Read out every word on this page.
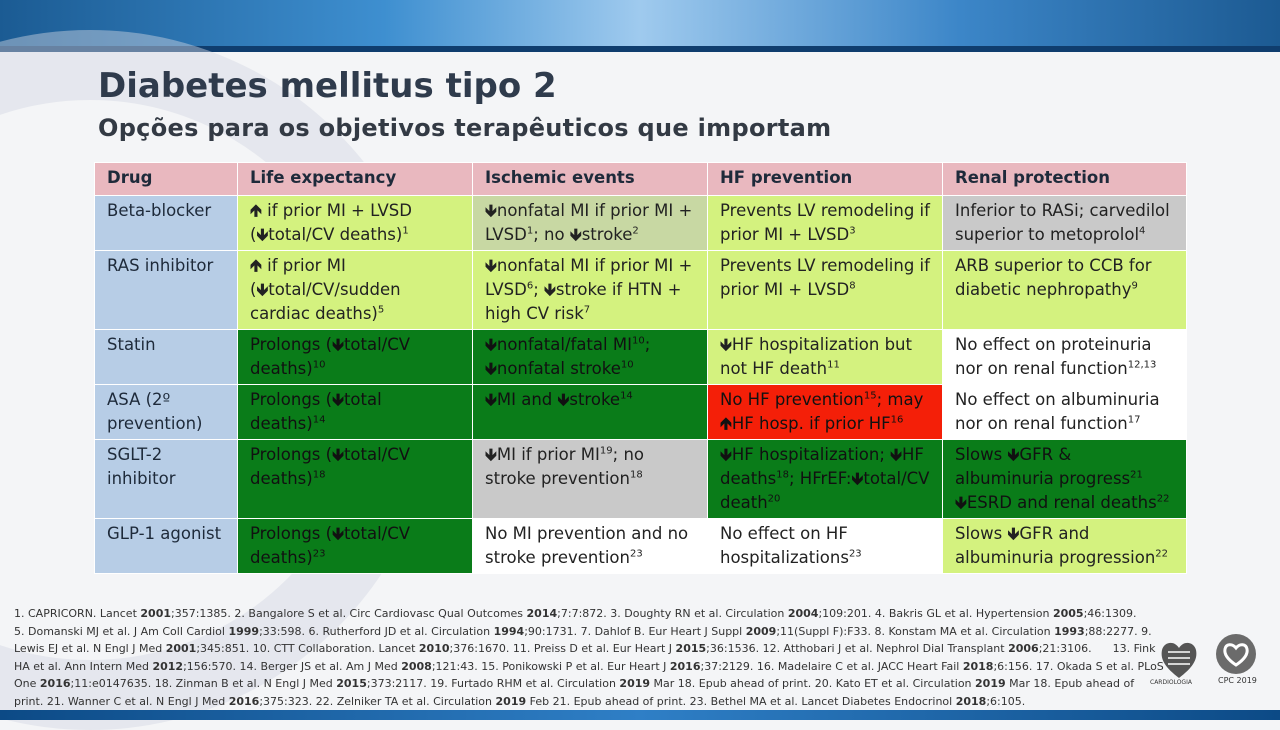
Diabetes mellitus tipo 2
Opções para os objetivos terapêuticos que importam
Drug	Life expectancy	Ischemic events	HF prevention	Renal protection
Beta-blocker	🡹 if prior MI + LVSD (🡻total/CV deaths)$^1$	🡻nonfatal MI if prior MI + $LVSD^1$; no 🡻stroke$^2$	Prevents LV remodeling if prior MI + $LVSD^3$	Inferior to RASi; carvedilol superior to metoprolol$^4$
RAS inhibitor	🡹 if prior MI (🡻total/CV/sudden cardiac deaths)$^5$	🡻nonfatal MI if prior MI + $LVSD^6$; 🡻stroke if HTN + high CV risk$^7$	Prevents LV remodeling if prior MI + $LVSD^8$	ARB superior to CCB for diabetic nephropathy$^9$
Statin	Prolongs (🡻total/CV deaths)$^{10}$	🡻nonfatal/fatal MI$^{10}$; 🡻nonfatal stroke$^{10}$	🡻HF hospitalization but not HF death$^{11}$	No effect on proteinuria nor on renal function$^{12,13}$
ASA (2º prevention)	Prolongs (🡻total deaths)$^{14}$	🡻MI and 🡻stroke$^{14}$	No HF prevention$^{15}$; may 🡹HF hosp. if prior HF$^{16}$	No effect on albuminuria nor on renal function$^{17}$
SGLT-2 inhibitor	Prolongs (🡻total/CV deaths)$^{18}$	🡻MI if prior MI$^{19}$; no stroke prevention$^{18}$	🡻HF hospitalization; 🡻HF deaths$^{18}$; HFrEF:🡻total/CV death$^{20}$	Slows 🡻GFR & albuminuria progress$^{21}$ 🡻ESRD and renal deaths$^{22}$
GLP-1 agonist	Prolongs (🡻total/CV deaths)$^{23}$	No MI prevention and no stroke prevention$^{23}$	No effect on HF hospitalizations$^{23}$	Slows 🡻GFR and albuminuria progression$^{22}$
1. CAPRICORN. Lancet 2001;357:1385. 2. Bangalore S et al. Circ Cardiovasc Qual Outcomes 2014;7:7:872. 3. Doughty RN et al. Circulation 2004;109:201. 4. Bakris GL et al. Hypertension 2005;46:1309.     5. Domanski MJ et al. J Am Coll Cardiol 1999;33:598. 6. Rutherford JD et al. Circulation 1994;90:1731. 7. Dahlof B. Eur Heart J Suppl 2009;11(Suppl F):F33. 8. Konstam MA et al. Circulation 1993;88:2277. 9. Lewis EJ et al. N Engl J Med 2001;345:851. 10. CTT Collaboration. Lancet 2010;376:1670. 11. Preiss D et al. Eur Heart J 2015;36:1536. 12. Atthobari J et al. Nephrol Dial Transplant 2006;21:3106.      13. Fink HA et al. Ann Intern Med 2012;156:570. 14. Berger JS et al. Am J Med 2008;121:43. 15. Ponikowski P et al. Eur Heart J 2016;37:2129. 16. Madelaire C et al. JACC Heart Fail 2018;6:156. 17. Okada S et al. PLoS One 2016;11:e0147635. 18. Zinman B et al. N Engl J Med 2015;373:2117. 19. Furtado RHM et al. Circulation 2019 Mar 18. Epub ahead of print. 20. Kato ET et al. Circulation 2019 Mar 18. Epub ahead of print. 21. Wanner C et al. N Engl J Med 2016;375:323. 22. Zelniker TA et al. Circulation 2019 Feb 21. Epub ahead of print. 23. Bethel MA et al. Lancet Diabetes Endocrinol 2018;6:105.
CARDIOLOGIA	CPC 2019
